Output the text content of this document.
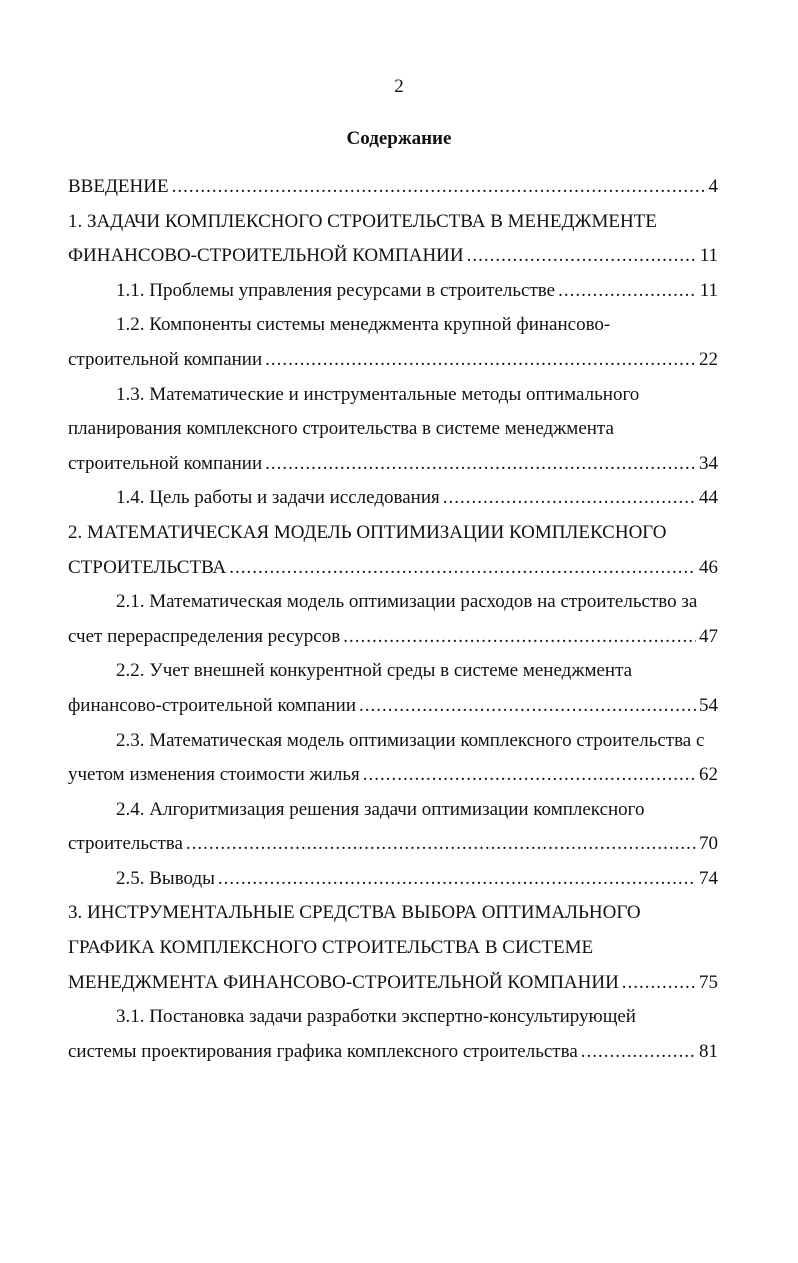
2
Содержание
ВВЕДЕНИЕ .....	4
1. ЗАДАЧИ КОМПЛЕКСНОГО СТРОИТЕЛЬСТВА В МЕНЕДЖМЕНТЕ
ФИНАНСОВО-СТРОИТЕЛЬНОЙ КОМПАНИИ .....	11
1.1. Проблемы управления ресурсами в строительстве .....	11
1.2. Компоненты системы менеджмента крупной финансово-
строительной компании .....	22
1.3. Математические и инструментальные методы оптимального
планирования комплексного строительства в системе менеджмента
строительной компании .....	34
1.4. Цель работы и задачи исследования .....	44
2. МАТЕМАТИЧЕСКАЯ МОДЕЛЬ ОПТИМИЗАЦИИ КОМПЛЕКСНОГО
СТРОИТЕЛЬСТВА .....	46
2.1. Математическая модель оптимизации расходов на строительство за
счет перераспределения ресурсов .....	47
2.2. Учет внешней конкурентной среды в системе менеджмента
финансово-строительной компании .....	54
2.3. Математическая модель оптимизации комплексного строительства с
учетом изменения стоимости жилья .....	62
2.4. Алгоритмизация решения задачи оптимизации комплексного
строительства .....	70
2.5. Выводы .....	74
3. ИНСТРУМЕНТАЛЬНЫЕ СРЕДСТВА ВЫБОРА ОПТИМАЛЬНОГО
ГРАФИКА КОМПЛЕКСНОГО СТРОИТЕЛЬСТВА В СИСТЕМЕ
МЕНЕДЖМЕНТА ФИНАНСОВО-СТРОИТЕЛЬНОЙ КОМПАНИИ .....	75
3.1. Постановка задачи разработки экспертно-консультирующей
системы проектирования графика комплексного строительства .....	81
